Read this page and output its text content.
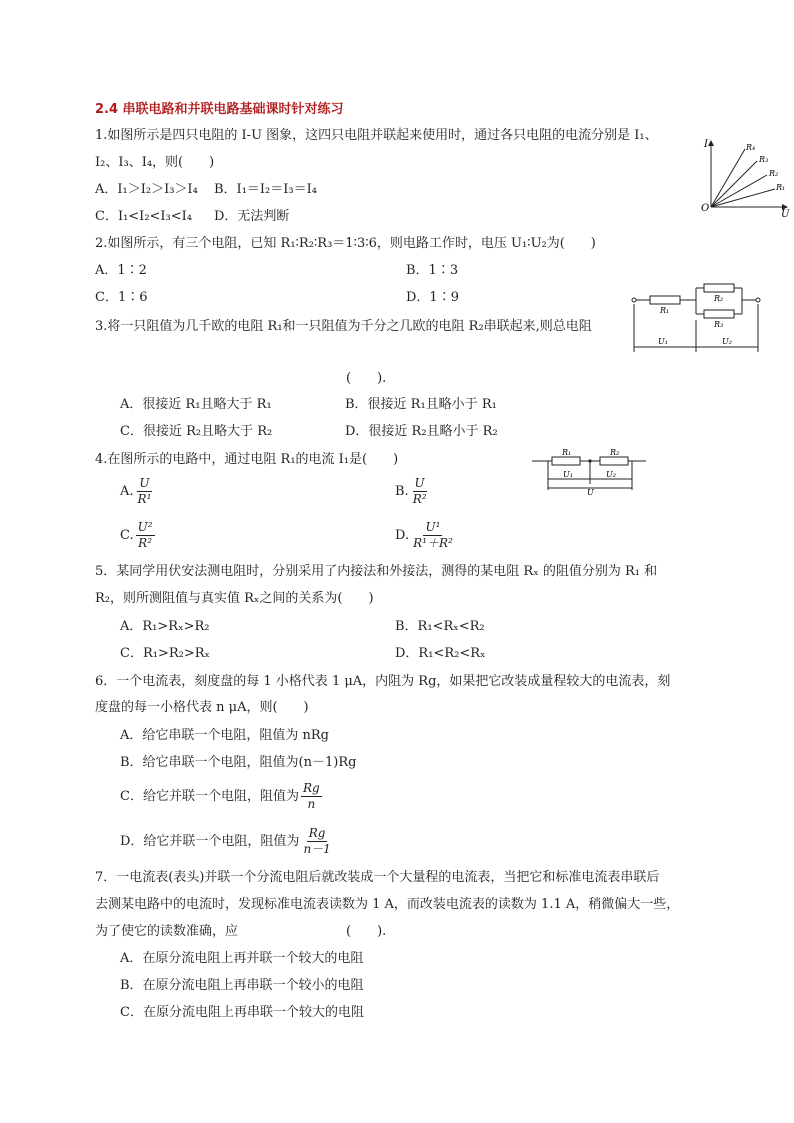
2.4 串联电路和并联电路基础课时针对练习
1.如图所示是四只电阻的 I-U 图象，这四只电阻并联起来使用时，通过各只电阻的电流分别是 I₁、
I₂、I₃、I₄，则(　　)
A．I₁＞I₂＞I₃＞I₄ B．I₁＝I₂＝I₃＝I₄
C．I₁<I₂<I₃<I₄ D．无法判断
I
U
O
R₄
R₃
R₂
R₁
2.如图所示，有三个电阻，已知 R₁∶R₂∶R₃＝1∶3∶6，则电路工作时，电压 U₁∶U₂为(　　)
A．1∶2	B．1∶3
C．1∶6	D．1∶9
R₁
R₂
R₃
U₁	U₂
3.将一只阻值为几千欧的电阻 R₁和一只阻值为千分之几欧的电阻 R₂串联起来,则总电阻
(　　).
A．很接近 R₁且略大于 R₁	B．很接近 R₁且略小于 R₁
C．很接近 R₂且略大于 R₂	D．很接近 R₂且略小于 R₂
4.在图所示的电路中，通过电阻 R₁的电流 I₁是(　　)	R₁	R₂
U₁	U₂
U
A. $\frac{U}{\text{R¹}}$	B. $\frac{U}{\text{R²}}$
C. $\frac{\text{U²}}{\text{R²}}$	D. $\frac{\text{U¹}}{\text{R¹＋R²}}$
5．某同学用伏安法测电阻时，分别采用了内接法和外接法，测得的某电阻 Rₓ 的阻值分别为 R₁ 和
R₂，则所测阻值与真实值 Rₓ之间的关系为(　　)
A．R₁>Rₓ>R₂	B．R₁<Rₓ<R₂
C．R₁>R₂>Rₓ	D．R₁<R₂<Rₓ
6．一个电流表，刻度盘的每 1 小格代表 1 μA，内阻为 Rg，如果把它改装成量程较大的电流表，刻
度盘的每一小格代表 n μA，则(　　)
A．给它串联一个电阻，阻值为 nRg
B．给它串联一个电阻，阻值为(n－1)Rg
C．给它并联一个电阻，阻值为 $\frac{Rg}{n}$
D．给它并联一个电阻，阻值为 $\frac{Rg}{n-1}$
7．一电流表(表头)并联一个分流电阻后就改装成一个大量程的电流表，当把它和标准电流表串联后
去测某电路中的电流时，发现标准电流表读数为 1 A，而改装电流表的读数为 1.1 A，稍微偏大一些，
为了使它的读数准确，应	(　　).
A．在原分流电阻上再并联一个较大的电阻
B．在原分流电阻上再串联一个较小的电阻
C．在原分流电阻上再串联一个较大的电阻
